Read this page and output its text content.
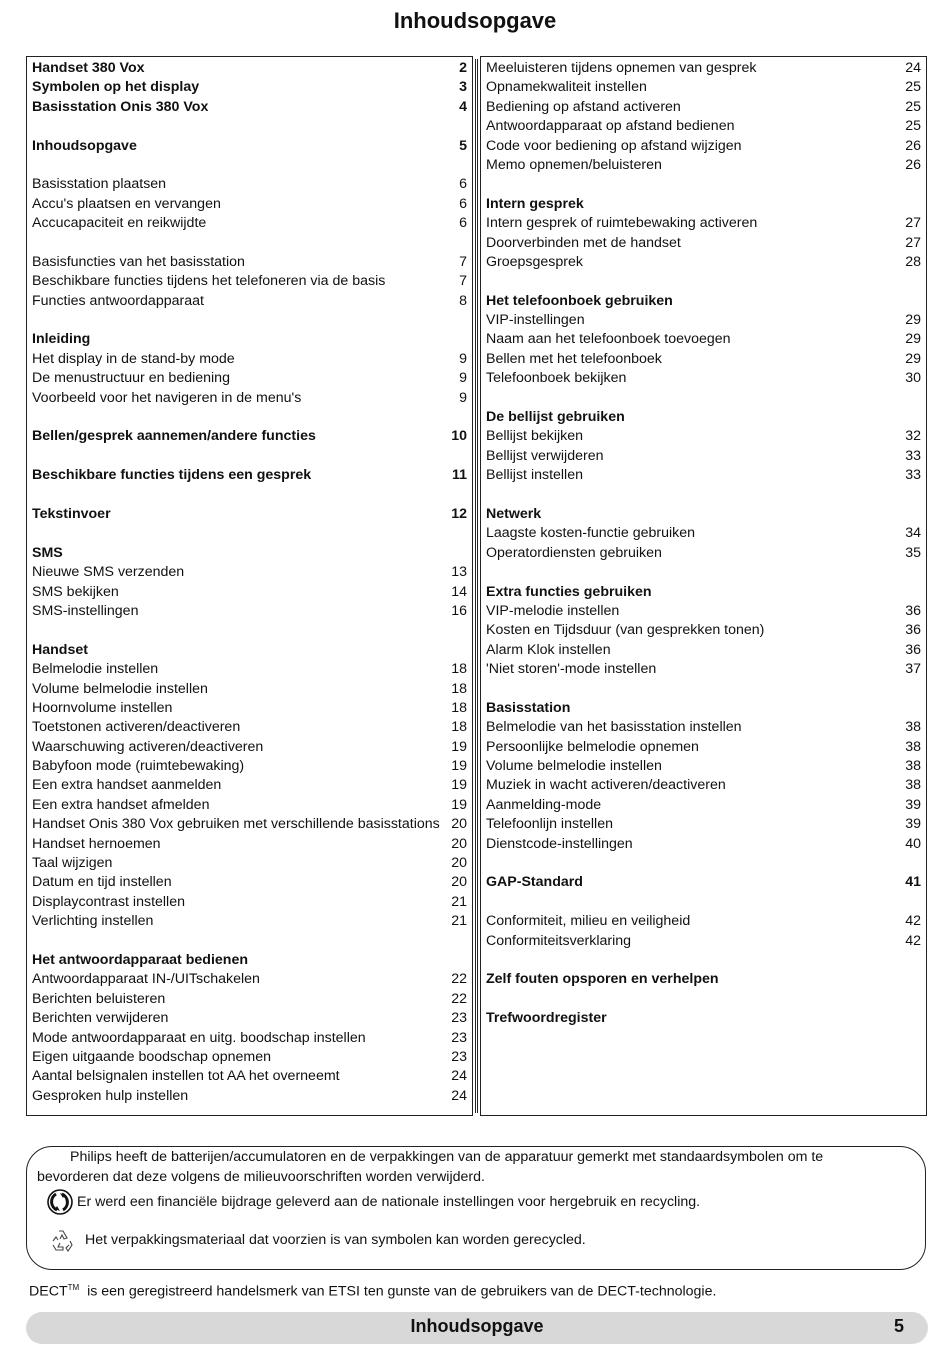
Inhoudsopgave
Handset 380 Vox	2
Symbolen op het display	3
Basisstation Onis 380 Vox	4
Inhoudsopgave	5
Basisstation plaatsen	6
Accu's plaatsen en vervangen	6
Accucapaciteit en reikwijdte	6
Basisfuncties van het basisstation	7
Beschikbare functies tijdens het telefoneren via de basis	7
Functies antwoordapparaat	8
Inleiding
Het display in de stand-by mode	9
De menustructuur en bediening	9
Voorbeeld voor het navigeren in de menu's	9
Bellen/gesprek aannemen/andere functies	10
Beschikbare functies tijdens een gesprek	11
Tekstinvoer	12
SMS
Nieuwe SMS verzenden	13
SMS bekijken	14
SMS-instellingen	16
Handset
Belmelodie instellen	18
Volume belmelodie instellen	18
Hoornvolume instellen	18
Toetstonen activeren/deactiveren	18
Waarschuwing activeren/deactiveren	19
Babyfoon mode (ruimtebewaking)	19
Een extra handset aanmelden	19
Een extra handset afmelden	19
Handset Onis 380 Vox gebruiken met verschillende basisstations 20
Handset hernoemen	20
Taal wijzigen	20
Datum en tijd instellen	20
Displaycontrast instellen	21
Verlichting instellen	21
Het antwoordapparaat bedienen
Antwoordapparaat IN-/UITschakelen	22
Berichten beluisteren	22
Berichten verwijderen	23
Mode antwoordapparaat en uitg. boodschap instellen	23
Eigen uitgaande boodschap opnemen	23
Aantal belsignalen instellen tot AA het overneemt	24
Gesproken hulp instellen	24
Meeluisteren tijdens opnemen van gesprek	24
Opnamekwaliteit instellen	25
Bediening op afstand activeren	25
Antwoordapparaat op afstand bedienen	25
Code voor bediening op afstand wijzigen	26
Memo opnemen/beluisteren	26
Intern gesprek
Intern gesprek of ruimtebewaking activeren	27
Doorverbinden met de handset	27
Groepsgesprek	28
Het telefoonboek gebruiken
VIP-instellingen	29
Naam aan het telefoonboek toevoegen	29
Bellen met het telefoonboek	29
Telefoonboek bekijken	30
De bellijst gebruiken
Bellijst bekijken	32
Bellijst verwijderen	33
Bellijst instellen	33
Netwerk
Laagste kosten-functie gebruiken	34
Operatordiensten gebruiken	35
Extra functies gebruiken
VIP-melodie instellen	36
Kosten en Tijdsduur (van gesprekken tonen)	36
Alarm Klok instellen	36
'Niet storen'-mode instellen	37
Basisstation
Belmelodie van het basisstation instellen	38
Persoonlijke belmelodie opnemen	38
Volume belmelodie instellen	38
Muziek in wacht activeren/deactiveren	38
Aanmelding-mode	39
Telefoonlijn instellen	39
Dienstcode-instellingen	40
GAP-Standard	41
Conformiteit, milieu en veiligheid	42
Conformiteitsverklaring	42
Zelf fouten opsporen en verhelpen
Trefwoordregister
Philips heeft de batterijen/accumulatoren en de verpakkingen van de apparatuur gemerkt met standaardsymbolen om te bevorderen dat deze volgens de milieuvoorschriften worden verwijderd.
Er werd een financiële bijdrage geleverd aan de nationale instellingen voor hergebruik en recycling.
Het verpakkingsmateriaal dat voorzien is van symbolen kan worden gerecycled.
DECT™ is een geregistreerd handelsmerk van ETSI ten gunste van de gebruikers van de DECT-technologie.
Inhoudsopgave	5
